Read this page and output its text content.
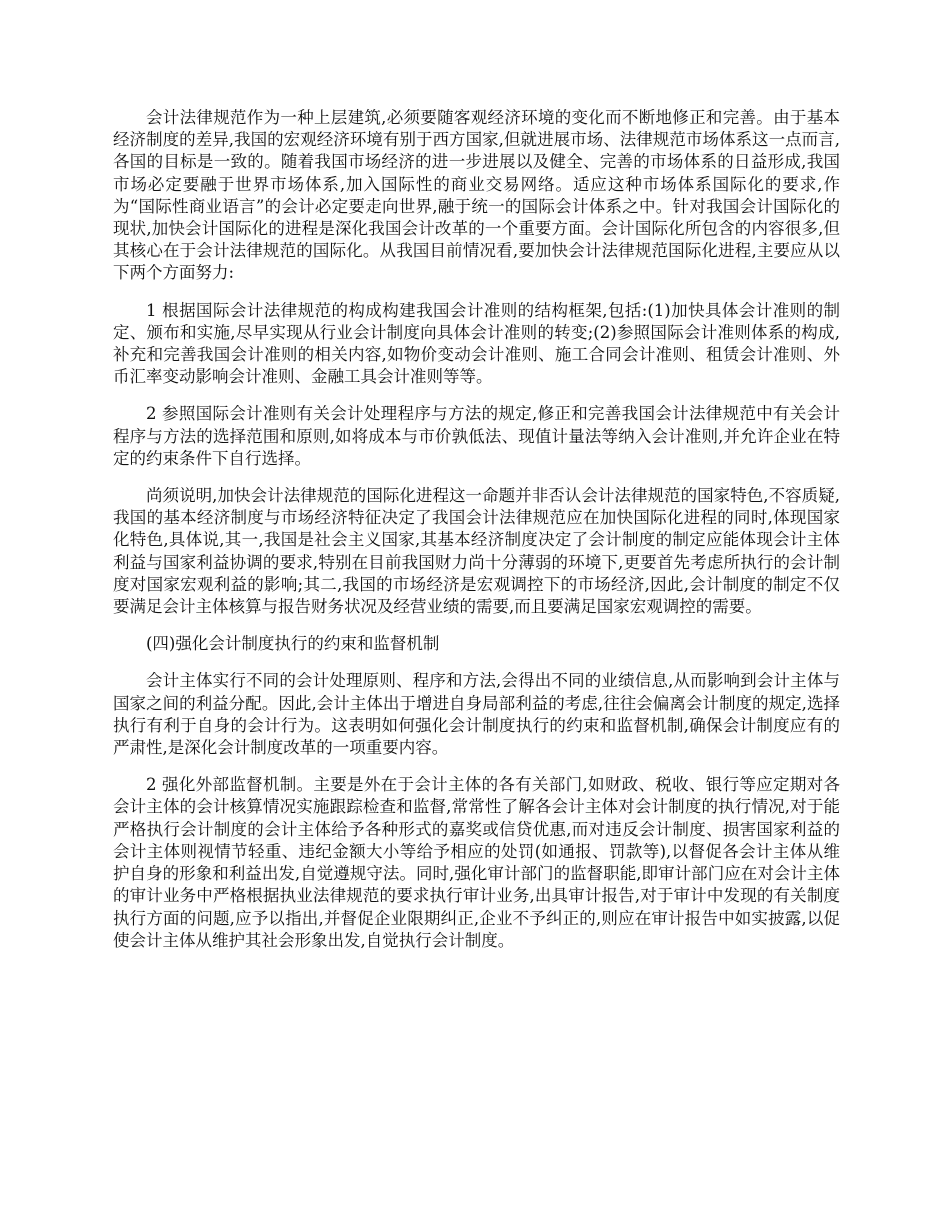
会计法律规范作为一种上层建筑,必须要随客观经济环境的变化而不断地修正和完善。由于基本经济制度的差异,我国的宏观经济环境有别于西方国家,但就进展市场、法律规范市场体系这一点而言,各国的目标是一致的。随着我国市场经济的进一步进展以及健全、完善的市场体系的日益形成,我国市场必定要融于世界市场体系,加入国际性的商业交易网络。适应这种市场体系国际化的要求,作为“国际性商业语言”的会计必定要走向世界,融于统一的国际会计体系之中。针对我国会计国际化的现状,加快会计国际化的进程是深化我国会计改革的一个重要方面。会计国际化所包含的内容很多,但其核心在于会计法律规范的国际化。从我国目前情况看,要加快会计法律规范国际化进程,主要应从以下两个方面努力:

1 根据国际会计法律规范的构成构建我国会计准则的结构框架,包括:(1)加快具体会计准则的制定、颁布和实施,尽早实现从行业会计制度向具体会计准则的转变;(2)参照国际会计准则体系的构成,补充和完善我国会计准则的相关内容,如物价变动会计准则、施工合同会计准则、租赁会计准则、外币汇率变动影响会计准则、金融工具会计准则等等。

2 参照国际会计准则有关会计处理程序与方法的规定,修正和完善我国会计法律规范中有关会计程序与方法的选择范围和原则,如将成本与市价孰低法、现值计量法等纳入会计准则,并允许企业在特定的约束条件下自行选择。

尚须说明,加快会计法律规范的国际化进程这一命题并非否认会计法律规范的国家特色,不容质疑,我国的基本经济制度与市场经济特征决定了我国会计法律规范应在加快国际化进程的同时,体现国家化特色,具体说,其一,我国是社会主义国家,其基本经济制度决定了会计制度的制定应能体现会计主体利益与国家利益协调的要求,特别在目前我国财力尚十分薄弱的环境下,更要首先考虑所执行的会计制度对国家宏观利益的影响;其二,我国的市场经济是宏观调控下的市场经济,因此,会计制度的制定不仅要满足会计主体核算与报告财务状况及经营业绩的需要,而且要满足国家宏观调控的需要。

(四)强化会计制度执行的约束和监督机制

会计主体实行不同的会计处理原则、程序和方法,会得出不同的业绩信息,从而影响到会计主体与国家之间的利益分配。因此,会计主体出于增进自身局部利益的考虑,往往会偏离会计制度的规定,选择执行有利于自身的会计行为。这表明如何强化会计制度执行的约束和监督机制,确保会计制度应有的严肃性,是深化会计制度改革的一项重要内容。

2 强化外部监督机制。主要是外在于会计主体的各有关部门,如财政、税收、银行等应定期对各会计主体的会计核算情况实施跟踪检查和监督,常常性了解各会计主体对会计制度的执行情况,对于能严格执行会计制度的会计主体给予各种形式的嘉奖或信贷优惠,而对违反会计制度、损害国家利益的会计主体则视情节轻重、违纪金额大小等给予相应的处罚(如通报、罚款等),以督促各会计主体从维护自身的形象和利益出发,自觉遵规守法。同时,强化审计部门的监督职能,即审计部门应在对会计主体的审计业务中严格根据执业法律规范的要求执行审计业务,出具审计报告,对于审计中发现的有关制度执行方面的问题,应予以指出,并督促企业限期纠正,企业不予纠正的,则应在审计报告中如实披露,以促使会计主体从维护其社会形象出发,自觉执行会计制度。
